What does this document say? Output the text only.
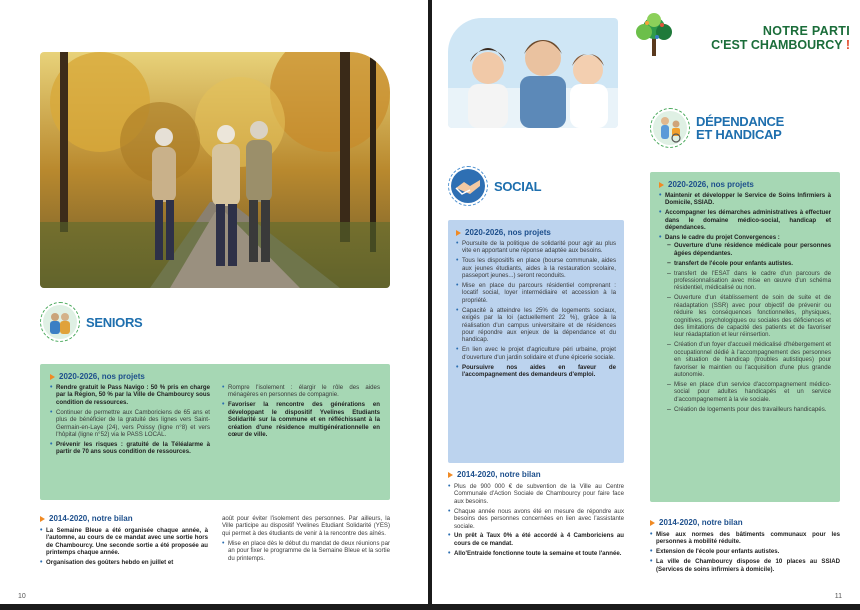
SENIORS
2020-2026, nos projets
• Rendre gratuit le Pass Navigo : 50 % pris en charge par la Région, 50 % par la Ville de Chambourcy sous condition de ressources.
• Continuer de permettre aux Camboriciens de 65 ans et plus de bénéficier de la gratuité des lignes vers Saint-Germain-en-Laye (24), vers Poissy (ligne n°8) et vers l'hôpital (ligne n°52) via le PASS LOCAL.
• Prévenir les risques : gratuité de la Téléalarme à partir de 70 ans sous condition de ressources.
• Rompre l'isolement : élargir le rôle des aides ménagères en personnes de compagnie.
• Favoriser la rencontre des générations en développant le dispositif Yvelines Etudiants Solidarité sur la commune et en réfléchissant à la création d'une résidence multigénérationnelle en cœur de ville.
2014-2020, notre bilan
• La Semaine Bleue a été organisée chaque année, à l'automne, au cours de ce mandat avec une sortie hors de Chambourcy. Une seconde sortie a été proposée au printemps chaque année.
• Organisation des goûters hebdo en juillet et

août pour éviter l'isolement des personnes. Par ailleurs, la Ville participe au dispositif Yvelines Etudiant Solidarité (YES) qui permet à des étudiants de venir à la rencontre des aînés.

• Mise en place dès le début du mandat de deux réunions par an pour fixer le programme de la Semaine Bleue et la sortie du printemps.
10
NOTRE PARTI
C'EST CHAMBOURCY !
SOCIAL
2020-2026, nos projets
• Poursuite de la politique de solidarité pour agir au plus vite en apportant une réponse adaptée aux besoins.
• Tous les dispositifs en place (bourse communale, aides aux jeunes étudiants, aides à la restauration scolaire, passeport jeunes...) seront reconduits.
• Mise en place du parcours résidentiel comprenant : locatif social, loyer intermédiaire et accession à la propriété.
• Capacité à atteindre les 25% de logements sociaux, exigés par la loi (actuellement 22 %), grâce à la réalisation d'un campus universitaire et de résidences pour répondre aux enjeux de la dépendance et du handicap.
• En lien avec le projet d'agriculture péri urbaine, projet d'ouverture d'un jardin solidaire et d'une épicerie sociale.
• Poursuivre nos aides en faveur de l'accompagnement des demandeurs d'emploi.
2014-2020, notre bilan
• Plus de 900 000 € de subvention de la Ville au Centre Communale d'Action Sociale de Chambourcy pour faire face aux besoins.
• Chaque année nous avons été en mesure de répondre aux besoins des personnes concernées en lien avec l'assistante sociale.
• Un prêt à Taux 0% a été accordé à 4 Camboriciens au cours de ce mandat.
• Allo'Entraide fonctionne toute la semaine et toute l'année.
DÉPENDANCE
ET HANDICAP
2020-2026, nos projets
• Maintenir et développer le Service de Soins Infirmiers à Domicile, SSIAD.
• Accompagner les démarches administratives à effectuer dans le domaine médico-social, handicap et dépendances.
• Dans le cadre du projet Convergences :
– Ouverture d'une résidence médicale pour personnes âgées dépendantes.
– transfert de l'école pour enfants autistes.
– transfert de l'ESAT dans le cadre d'un parcours de professionnalisation avec mise en œuvre d'un schéma résidentiel, médicalisé ou non.
– Ouverture d'un établissement de soin de suite et de réadaptation (SSR) avec pour objectif de prévenir ou réduire les conséquences fonctionnelles, physiques, cognitives, psychologiques ou sociales des déficiences et des limitations de capacité des patients et de favoriser leur réadaptation et leur réinsertion.
– Création d'un foyer d'accueil médicalisé d'hébergement et occupationnel dédié à l'accompagnement des personnes en situation de handicap (troubles autistiques) pour favoriser le maintien ou l'acquisition d'une plus grande autonomie.
– Mise en place d'un service d'accompagnement médico-social pour adultes handicapés et un service d'accompagnement à la vie sociale.
– Création de logements pour des travailleurs handicapés.
2014-2020, notre bilan
• Mise aux normes des bâtiments communaux pour les personnes à mobilité réduite.
• Extension de l'école pour enfants autistes.
• La ville de Chambourcy dispose de 10 places au SSIAD (Services de soins infirmiers à domicile).
11
